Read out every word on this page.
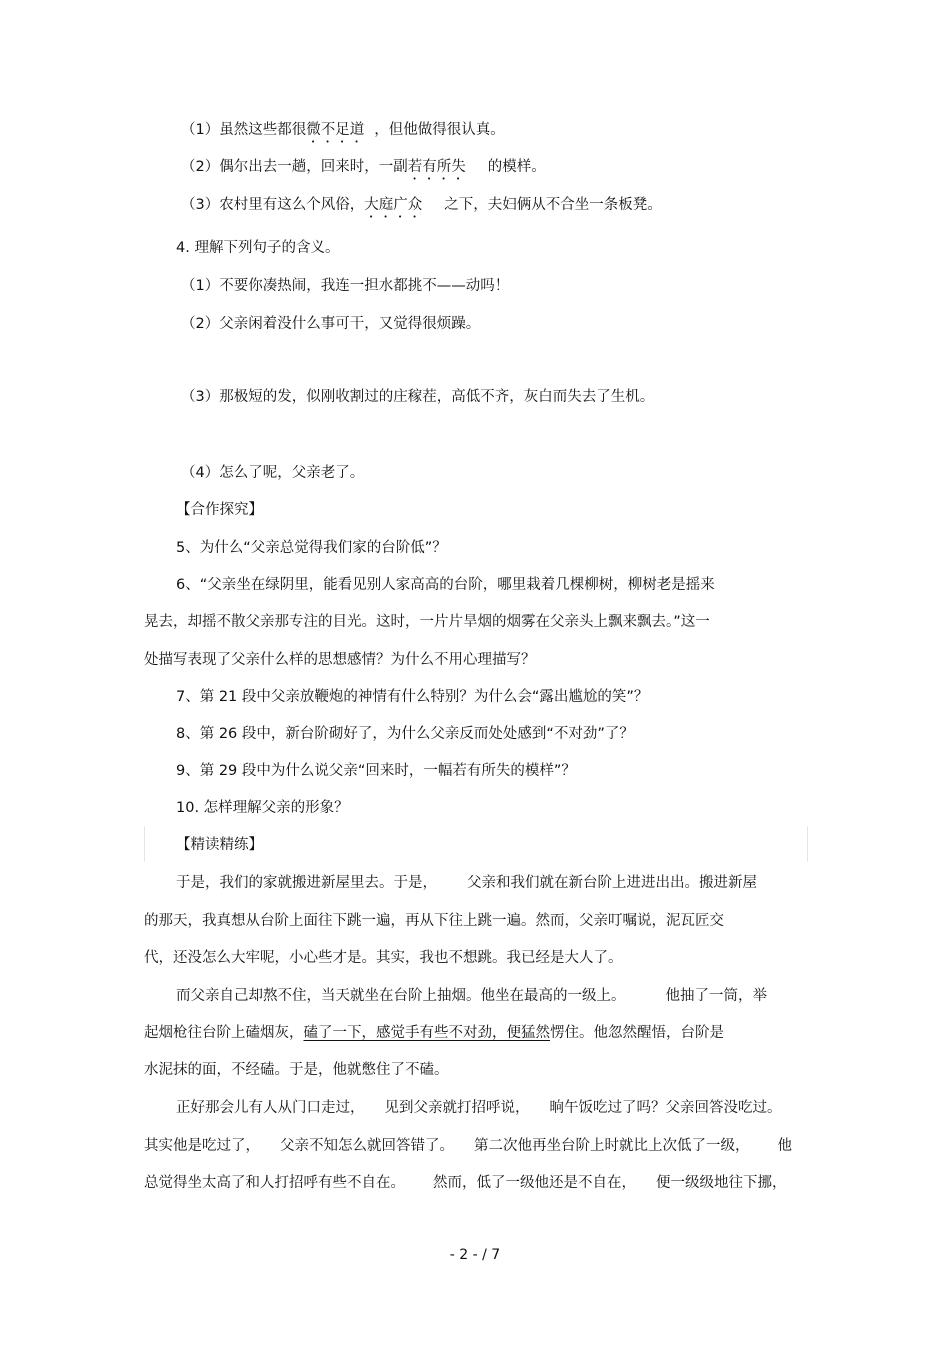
（1）虽然这些都很微不足道 ，但他做得很认真。
（2）偶尔出去一趟，回来时，一副若有所失 的模样。
（3）农村里有这么个风俗，大庭广众 之下，夫妇俩从不合坐一条板凳。
4. 理解下列句子的含义。
（1）不要你凑热闹，我连一担水都挑不——动吗！
（2）父亲闲着没什么事可干，又觉得很烦躁。
（3）那极短的发，似刚收割过的庄稼茬，高低不齐，灰白而失去了生机。
（4）怎么了呢，父亲老了。
【合作探究】
5、为什么“父亲总觉得我们家的台阶低”？
6、“父亲坐在绿阴里，能看见别人家高高的台阶，哪里栽着几棵柳树，柳树老是摇来
晃去，却摇不散父亲那专注的目光。这时，一片片旱烟的烟雾在父亲头上飘来飘去。”这一
处描写表现了父亲什么样的思想感情？为什么不用心理描写？
7、第 21 段中父亲放鞭炮的神情有什么特别？为什么会“露出尴尬的笑”？
8、第 26 段中，新台阶砌好了，为什么父亲反而处处感到“不对劲”了？
9、第 29 段中为什么说父亲“回来时，一幅若有所失的模样”？
10. 怎样理解父亲的形象？
【精读精练】
于是，我们的家就搬进新屋里去。于是， 父亲和我们就在新台阶上进进出出。搬进新屋
的那天，我真想从台阶上面往下跳一遍，再从下往上跳一遍。然而，父亲叮嘱说，泥瓦匠交
代，还没怎么大牢呢，小心些才是。其实，我也不想跳。我已经是大人了。
而父亲自己却熬不住，当天就坐在台阶上抽烟。他坐在最高的一级上。	他抽了一筒，举
起烟枪往台阶上磕烟灰，磕了一下，感觉手有些不对劲，便猛然愣住。他忽然醒悟，台阶是
水泥抹的面，不经磕。于是，他就憋住了不磕。
正好那会儿有人从门口走过， 见到父亲就打招呼说， 晌午饭吃过了吗？父亲回答没吃过。
其实他是吃过了， 父亲不知怎么就回答错了。 第二次他再坐台阶上时就比上次低了一级， 他
总觉得坐太高了和人打招呼有些不自在。 然而，低了一级他还是不自在， 便一级级地往下挪，
- 2 - / 7
